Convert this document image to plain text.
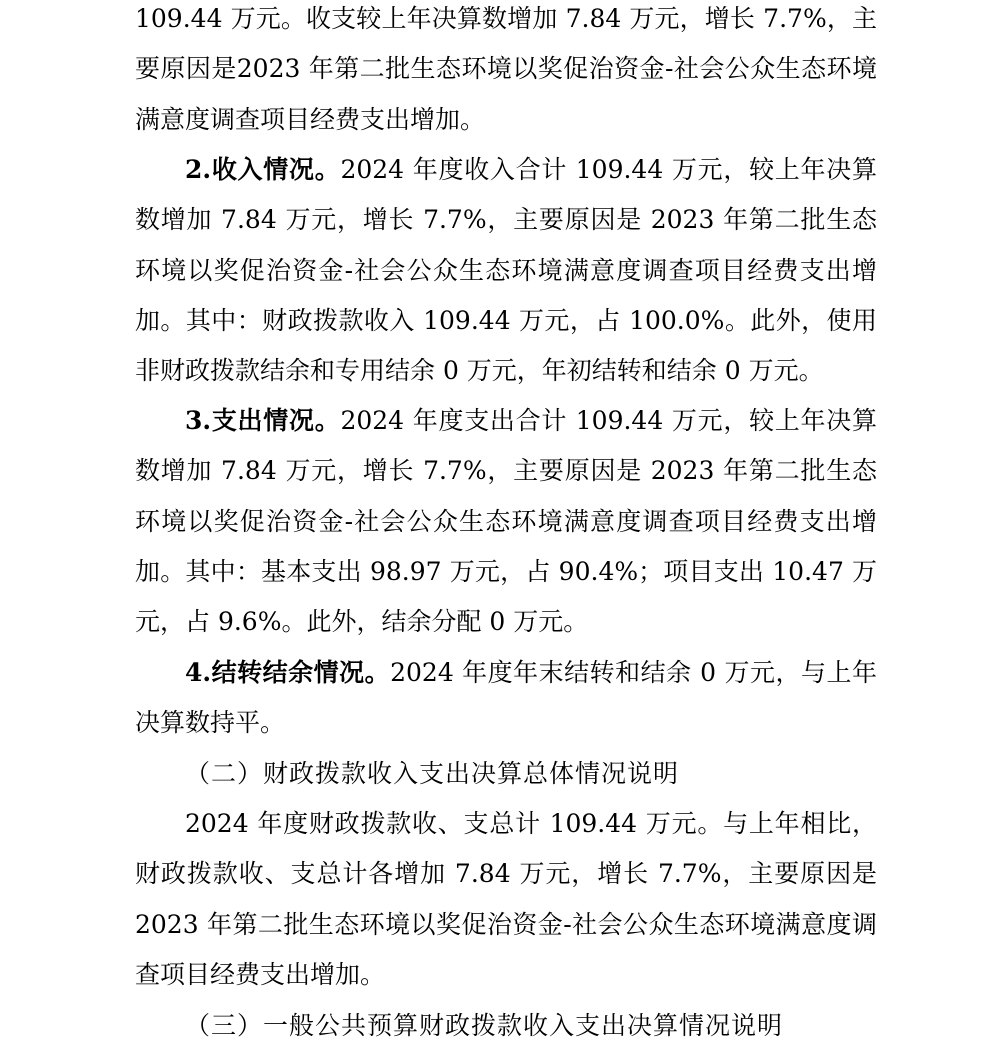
109.44 万元。收支较上年决算数增加 7.84 万元，增长 7.7%，主要原因是2023 年第二批生态环境以奖促治资金-社会公众生态环境满意度调查项目经费支出增加。

2.收入情况。2024 年度收入合计 109.44 万元，较上年决算数增加 7.84 万元，增长 7.7%，主要原因是 2023 年第二批生态环境以奖促治资金-社会公众生态环境满意度调查项目经费支出增加。其中：财政拨款收入 109.44 万元，占 100.0%。此外，使用非财政拨款结余和专用结余 0 万元，年初结转和结余 0 万元。

3.支出情况。2024 年度支出合计 109.44 万元，较上年决算数增加 7.84 万元，增长 7.7%，主要原因是 2023 年第二批生态环境以奖促治资金-社会公众生态环境满意度调查项目经费支出增加。其中：基本支出 98.97 万元，占 90.4%；项目支出 10.47 万元，占 9.6%。此外，结余分配 0 万元。

4.结转结余情况。2024 年度年末结转和结余 0 万元，与上年决算数持平。

（二）财政拨款收入支出决算总体情况说明

2024 年度财政拨款收、支总计 109.44 万元。与上年相比，财政拨款收、支总计各增加 7.84 万元，增长 7.7%，主要原因是2023 年第二批生态环境以奖促治资金-社会公众生态环境满意度调查项目经费支出增加。

（三）一般公共预算财政拨款收入支出决算情况说明
